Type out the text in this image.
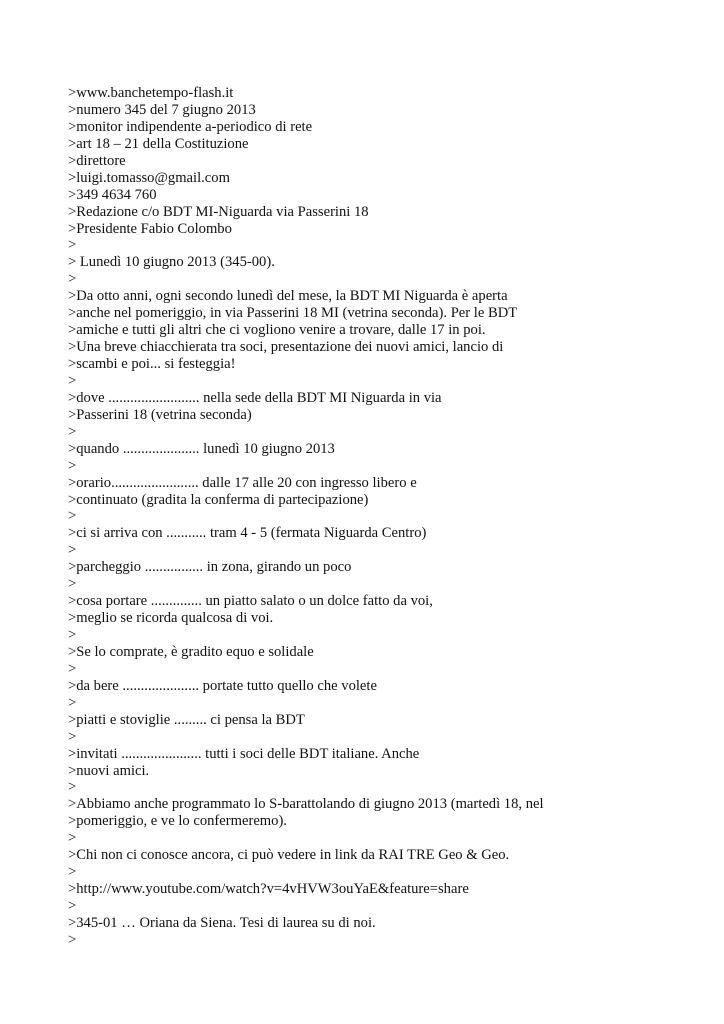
>www.banchetempo-flash.it

>numero 345 del 7 giugno 2013

>monitor indipendente a-periodico di rete

>art 18 – 21 della Costituzione

>direttore

>luigi.tomasso@gmail.com

>349 4634 760

>Redazione c/o BDT MI-Niguarda via Passerini 18

>Presidente Fabio Colombo

>

> Lunedì 10 giugno 2013 (345-00).

>

>Da otto anni, ogni secondo lunedì del mese, la BDT MI Niguarda è aperta

>anche nel pomeriggio, in via Passerini 18 MI (vetrina seconda). Per le BDT

>amiche e tutti gli altri che ci vogliono venire a trovare, dalle 17 in poi.

>Una breve chiacchierata tra soci, presentazione dei nuovi amici, lancio di

>scambi e poi... si festeggia!

>

>dove ......................... nella sede della BDT MI Niguarda in via

>Passerini 18 (vetrina seconda)

>

>quando ..................... lunedì 10 giugno 2013

>

>orario........................ dalle 17 alle 20 con ingresso libero e

>continuato (gradita la conferma di partecipazione)

>

>ci si arriva con ........... tram 4 - 5 (fermata Niguarda Centro)

>

>parcheggio ................ in zona, girando un poco

>

>cosa portare .............. un piatto salato o un dolce fatto da voi,

>meglio se ricorda qualcosa di voi.

>

>Se lo comprate, è gradito equo e solidale

>

>da bere ..................... portate tutto quello che volete

>

>piatti e stoviglie ......... ci pensa la BDT

>

>invitati ...................... tutti i soci delle BDT italiane. Anche

>nuovi amici.

>

>Abbiamo anche programmato lo S-barattolando di giugno 2013 (martedì 18, nel

>pomeriggio, e ve lo confermeremo).

>

>Chi non ci conosce ancora, ci può vedere in link da RAI TRE Geo & Geo.

>

>http://www.youtube.com/watch?v=4vHVW3ouYaE&feature=share

>

>345-01 … Oriana da Siena. Tesi di laurea su di noi.

>
